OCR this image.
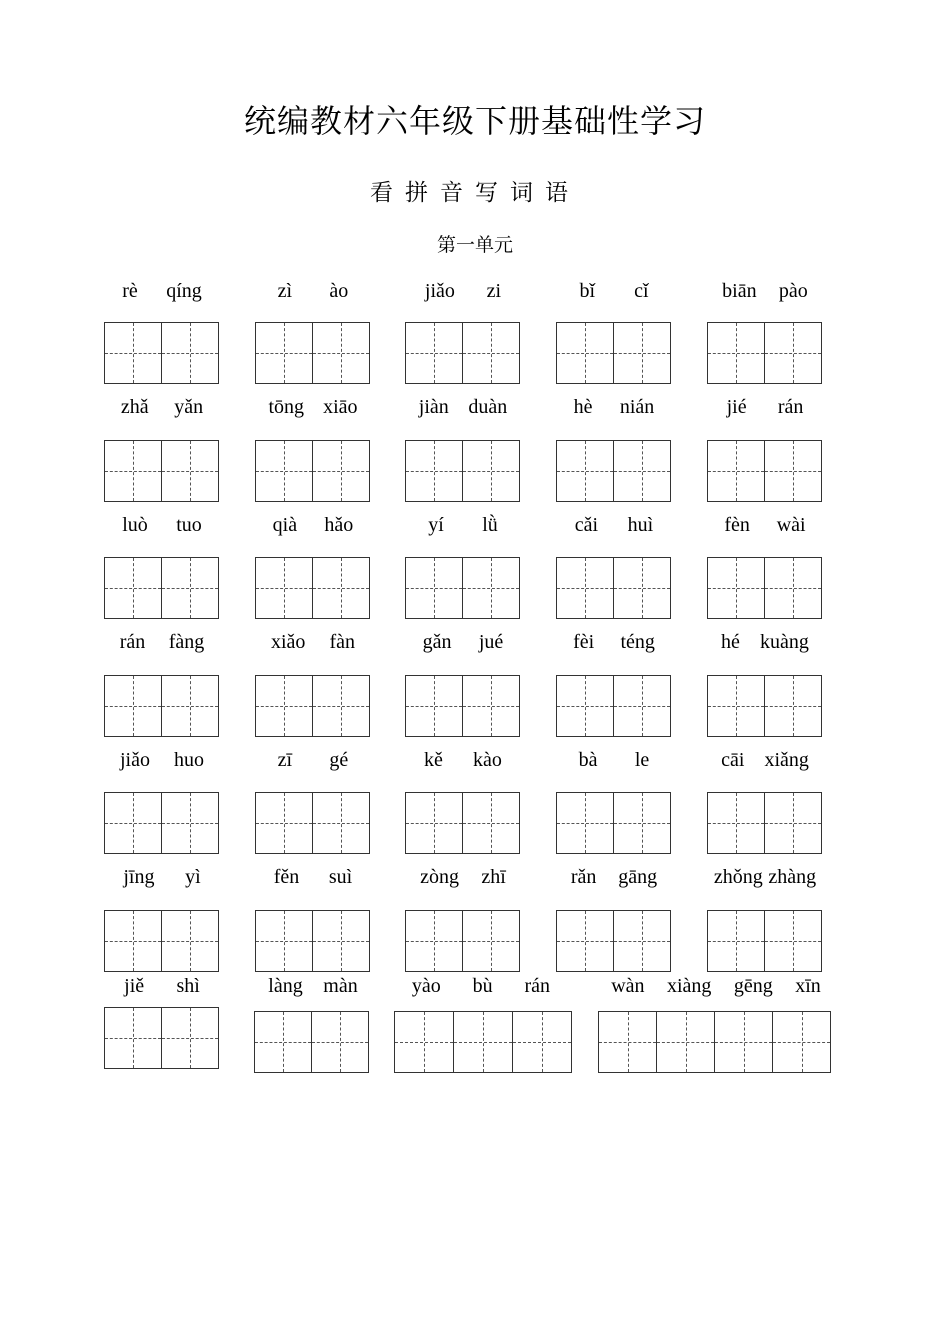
统编教材六年级下册基础性学习
看拼音写词语
第一单元
rè qíng	zì ào	jiǎo zi	bǐ cǐ	biān pào
zhǎ yǎn	tōng xiāo	jiàn duàn	hè nián	jié rán
luò tuo	qià hǎo	yí lǜ	cǎi huì	fèn wài
rán fàng	xiǎo fàn	gǎn jué	fèi téng	hé kuàng
jiǎo huo	zī gé	kě kào	bà le	cāi xiǎng
jīng yì	fěn suì	zòng zhī	rǎn gāng	zhǒng zhàng
jiě shì	làng màn	yào bù rán	wàn xiàng gēng xīn
